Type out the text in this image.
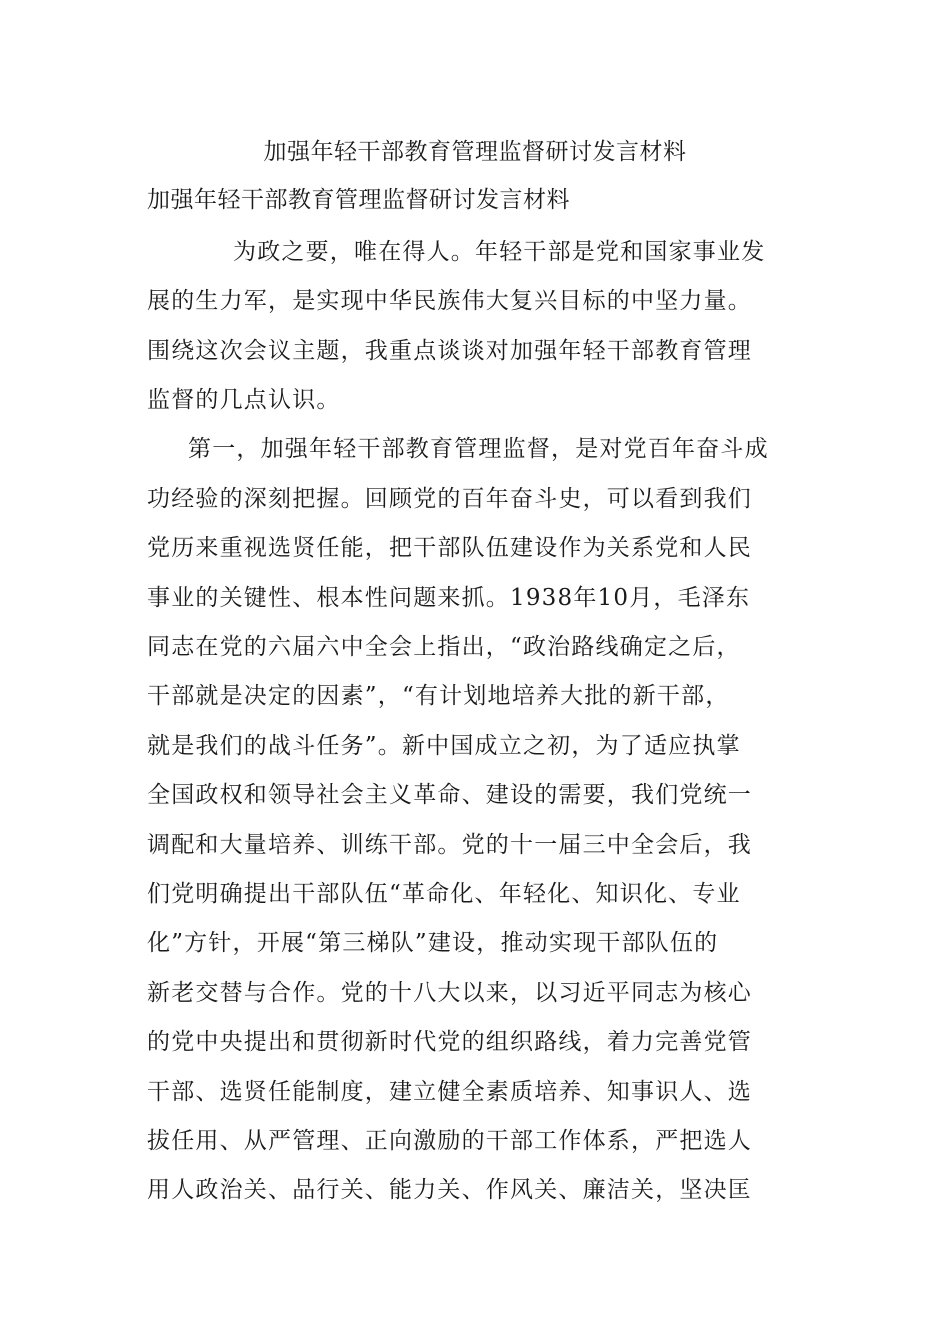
加强年轻干部教育管理监督研讨发言材料
加强年轻干部教育管理监督研讨发言材料
为政之要，唯在得人。年轻干部是党和国家事业发
展的生力军，是实现中华民族伟大复兴目标的中坚力量。
围绕这次会议主题，我重点谈谈对加强年轻干部教育管理
监督的几点认识。
第一，加强年轻干部教育管理监督，是对党百年奋斗成
功经验的深刻把握。回顾党的百年奋斗史，可以看到我们
党历来重视选贤任能，把干部队伍建设作为关系党和人民
事业的关键性、根本性问题来抓。1938年10月，毛泽东
同志在党的六届六中全会上指出，“政治路线确定之后，
干部就是决定的因素”，“有计划地培养大批的新干部，
就是我们的战斗任务”。新中国成立之初，为了适应执掌
全国政权和领导社会主义革命、建设的需要，我们党统一
调配和大量培养、训练干部。党的十一届三中全会后，我
们党明确提出干部队伍“革命化、年轻化、知识化、专业
化”方针，开展“第三梯队”建设，推动实现干部队伍的
新老交替与合作。党的十八大以来，以习近平同志为核心
的党中央提出和贯彻新时代党的组织路线，着力完善党管
干部、选贤任能制度，建立健全素质培养、知事识人、选
拔任用、从严管理、正向激励的干部工作体系，严把选人
用人政治关、品行关、能力关、作风关、廉洁关，坚决匡
